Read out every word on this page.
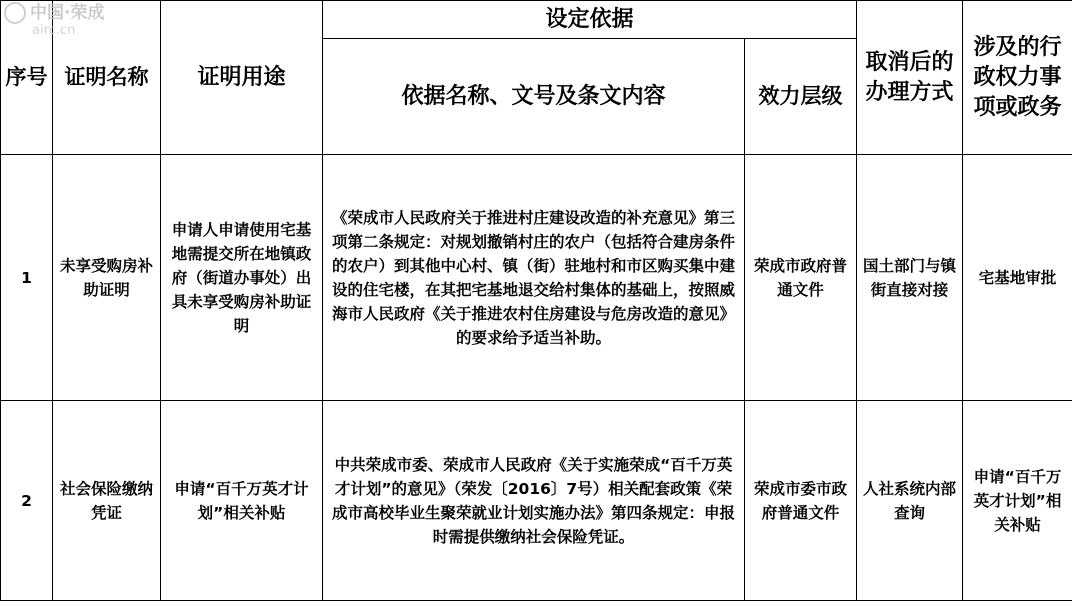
序号	证明名称	证明用途	设定依据		取消后的办理方式	涉及的行政权力事项或政务
			依据名称、文号及条文内容	效力层级		
1	未享受购房补助证明	申请人申请使用宅基地需提交所在地镇政府（街道办事处）出具未享受购房补助证明	《荣成市人民政府关于推进村庄建设改造的补充意见》第三项第二条规定：对规划撤销村庄的农户（包括符合建房条件的农户）到其他中心村、镇（街）驻地村和市区购买集中建设的住宅楼，在其把宅基地退交给村集体的基础上，按照威海市人民政府《关于推进农村住房建设与危房改造的意见》的要求给予适当补助。	荣成市政府普通文件	国土部门与镇街直接对接	宅基地审批
2	社会保险缴纳凭证	申请“百千万英才计划”相关补贴	中共荣成市委、荣成市人民政府《关于实施荣成“百千万英才计划”的意见》（荣发〔2016〕7号）相关配套政策《荣成市高校毕业生聚荣就业计划实施办法》第四条规定：申报时需提供缴纳社会保险凭证。	荣成市委市政府普通文件	人社系统内部查询	申请“百千万英才计划”相关补贴
中国·荣成
airc.cn
